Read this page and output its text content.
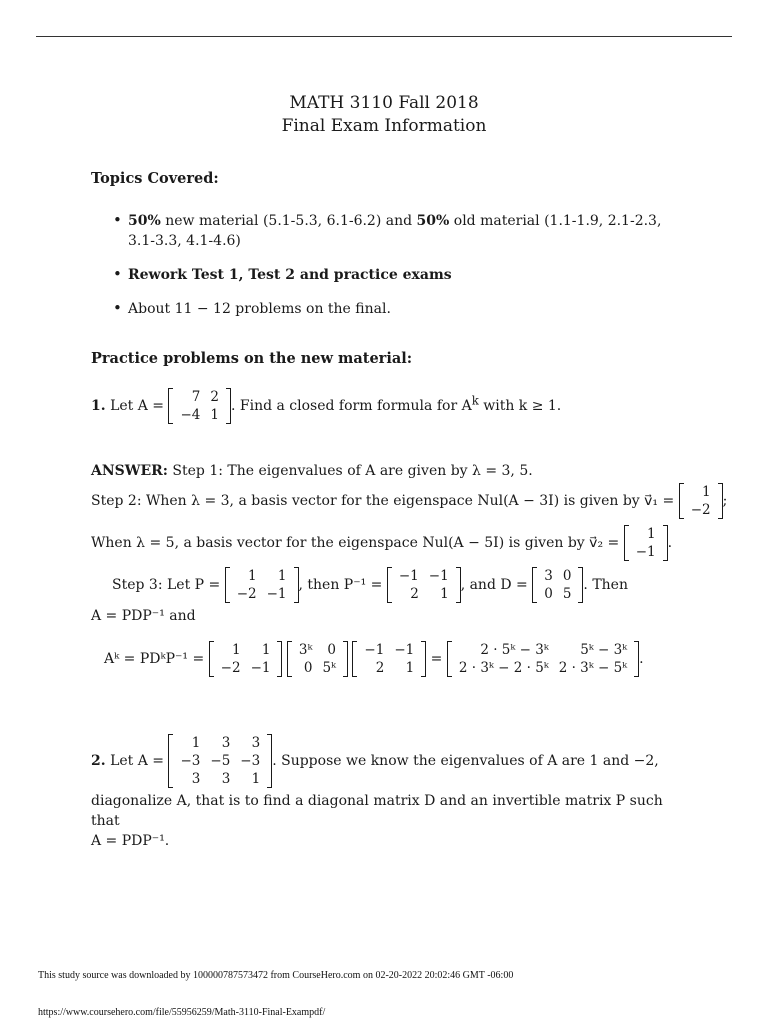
MATH 3110 Fall 2018
Final Exam Information
Topics Covered:
• 50% new material (5.1-5.3, 6.1-6.2) and 50% old material (1.1-1.9, 2.1-2.3, 3.1-3.3, 4.1-4.6)
• Rework Test 1, Test 2 and practice exams
• About 11 − 12 problems on the final.
Practice problems on the new material:
1. Let A =
7	2
−4	1
. Find a closed form formula for $A^k$ with k ≥ 1.
ANSWER: Step 1: The eigenvalues of A are given by λ = 3, 5.
Step 2: When λ = 3, a basis vector for the eigenspace Nul(A − 3I) is given by v⃗₁ =
1
−2
;
When λ = 5, a basis vector for the eigenspace Nul(A − 5I) is given by v⃗₂ =
1
−1
.
Step 3: Let P =
1	1
−2	−1
, then P⁻¹ =
−1	−1
2	1
, and D =
3	0
0	5
. Then
A = PDP⁻¹ and
Aᵏ = PDᵏP⁻¹ =
1	1
−2	−1

3ᵏ	0
0	5ᵏ

−1	−1
2	1
=
2 · 5ᵏ − 3ᵏ	5ᵏ − 3ᵏ
2 · 3ᵏ − 2 · 5ᵏ	2 · 3ᵏ − 5ᵏ
.
2. Let A =
1	3	3
−3	−5	−3
3	3	1
. Suppose we know the eigenvalues of A are 1 and −2,
diagonalize A, that is to find a diagonal matrix D and an invertible matrix P such that
A = PDP⁻¹.
This study source was downloaded by 100000787573472 from CourseHero.com on 02-20-2022 20:02:46 GMT -06:00
https://www.coursehero.com/file/55956259/Math-3110-Final-Exampdf/
